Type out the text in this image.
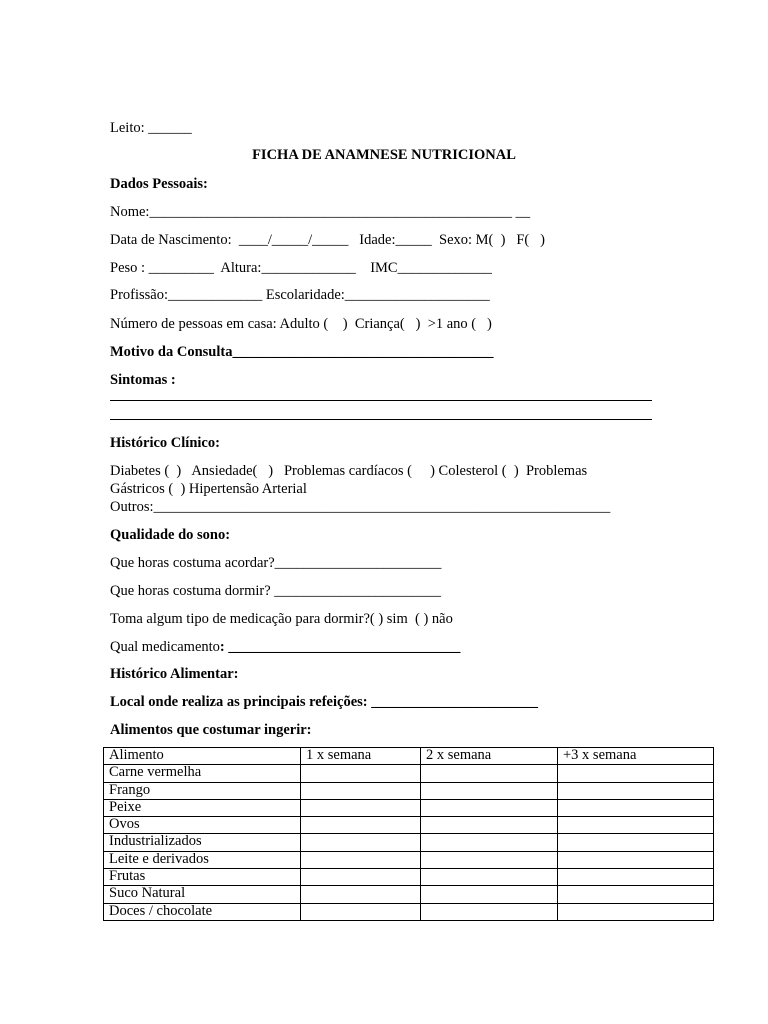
Leito: ______
FICHA DE ANAMNESE NUTRICIONAL
Dados Pessoais:
Nome:__________________________________________________ __
Data de Nascimento:  ____/_____/_____   Idade:_____  Sexo: M(  )   F(   )
Peso : _________  Altura:_____________    IMC_____________
Profissão:_____________ Escolaridade:____________________
Número de pessoas em casa: Adulto (    )  Criança(   )  >1 ano (   )
Motivo da Consulta____________________________________
Sintomas :
Histórico Clínico:
Diabetes (  )   Ansiedade(   )   Problemas cardíacos (     ) Colesterol (  )  Problemas
Gástricos (  ) Hipertensão Arterial
Outros:_______________________________________________________________
Qualidade do sono:
Que horas costuma acordar?_______________________
Que horas costuma dormir? _______________________
Toma algum tipo de medicação para dormir?( ) sim  ( ) não
Qual medicamento: ________________________________
Histórico Alimentar:
Local onde realiza as principais refeições: _______________________
Alimentos que costumar ingerir:
Alimento	1 x semana	2 x semana	+3 x semana
Carne vermelha			
Frango			
Peixe			
Ovos			
Industrializados			
Leite e derivados			
Frutas			
Suco Natural			
Doces / chocolate			
